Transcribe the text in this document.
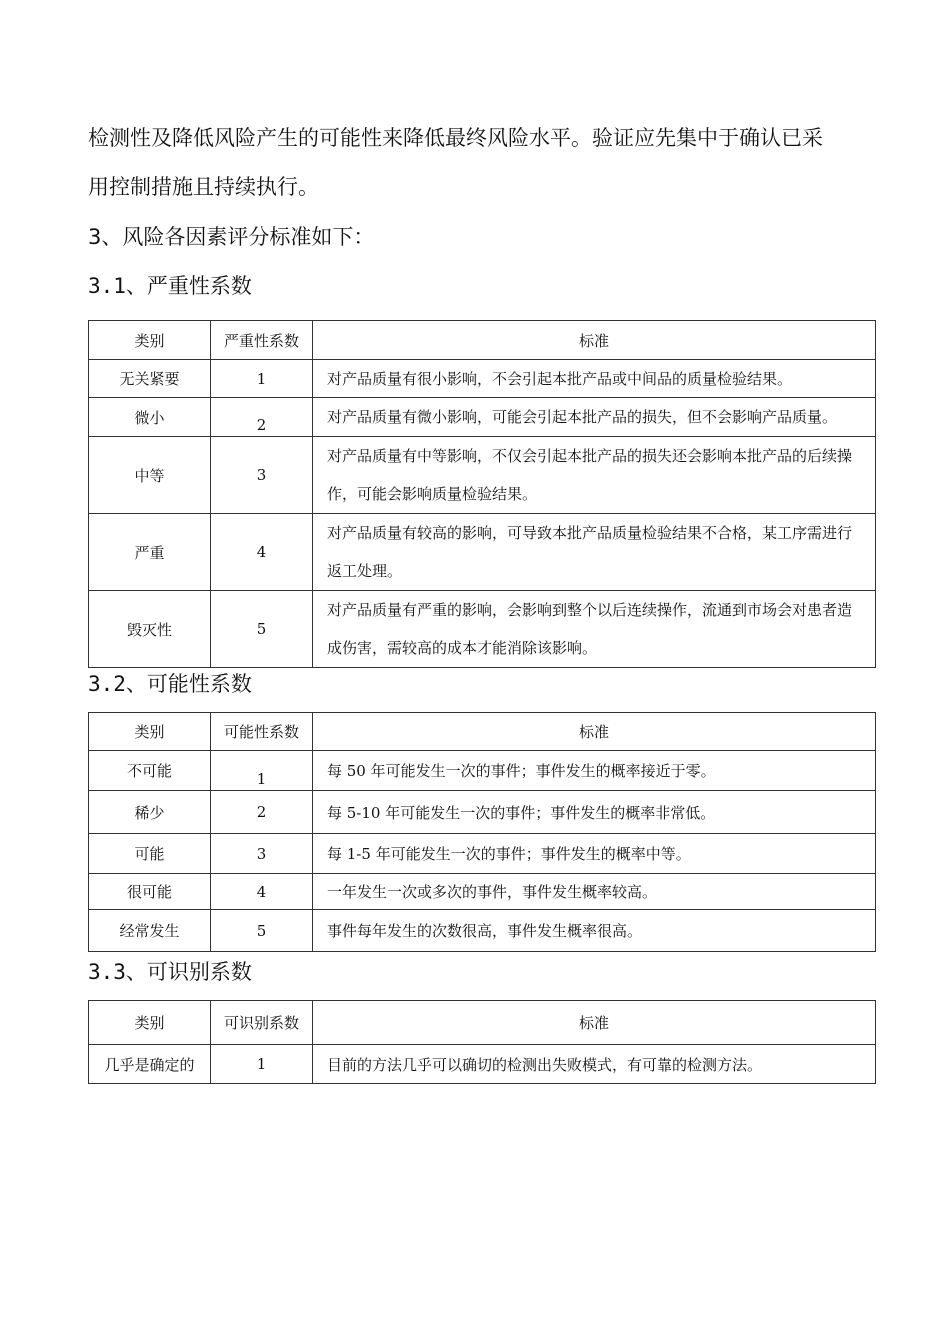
检测性及降低风险产生的可能性来降低最终风险水平。验证应先集中于确认已采
用控制措施且持续执行。
3、风险各因素评分标准如下：
3.1、严重性系数
类别	严重性系数	标准
无关紧要	1	对产品质量有很小影响，不会引起本批产品或中间品的质量检验结果。
微小	2	对产品质量有微小影响，可能会引起本批产品的损失，但不会影响产品质量。
中等	3	对产品质量有中等影响，不仅会引起本批产品的损失还会影响本批产品的后续操作，可能会影响质量检验结果。
严重	4	对产品质量有较高的影响，可导致本批产品质量检验结果不合格，某工序需进行返工处理。
毁灭性	5	对产品质量有严重的影响，会影响到整个以后连续操作，流通到市场会对患者造成伤害，需较高的成本才能消除该影响。
3.2、可能性系数
类别	可能性系数	标准
不可能	1	每 50 年可能发生一次的事件；事件发生的概率接近于零。
稀少	2	每 5-10 年可能发生一次的事件；事件发生的概率非常低。
可能	3	每 1-5 年可能发生一次的事件；事件发生的概率中等。
很可能	4	一年发生一次或多次的事件，事件发生概率较高。
经常发生	5	事件每年发生的次数很高，事件发生概率很高。
3.3、可识别系数
类别	可识别系数	标准
几乎是确定的	1	目前的方法几乎可以确切的检测出失败模式，有可靠的检测方法。
